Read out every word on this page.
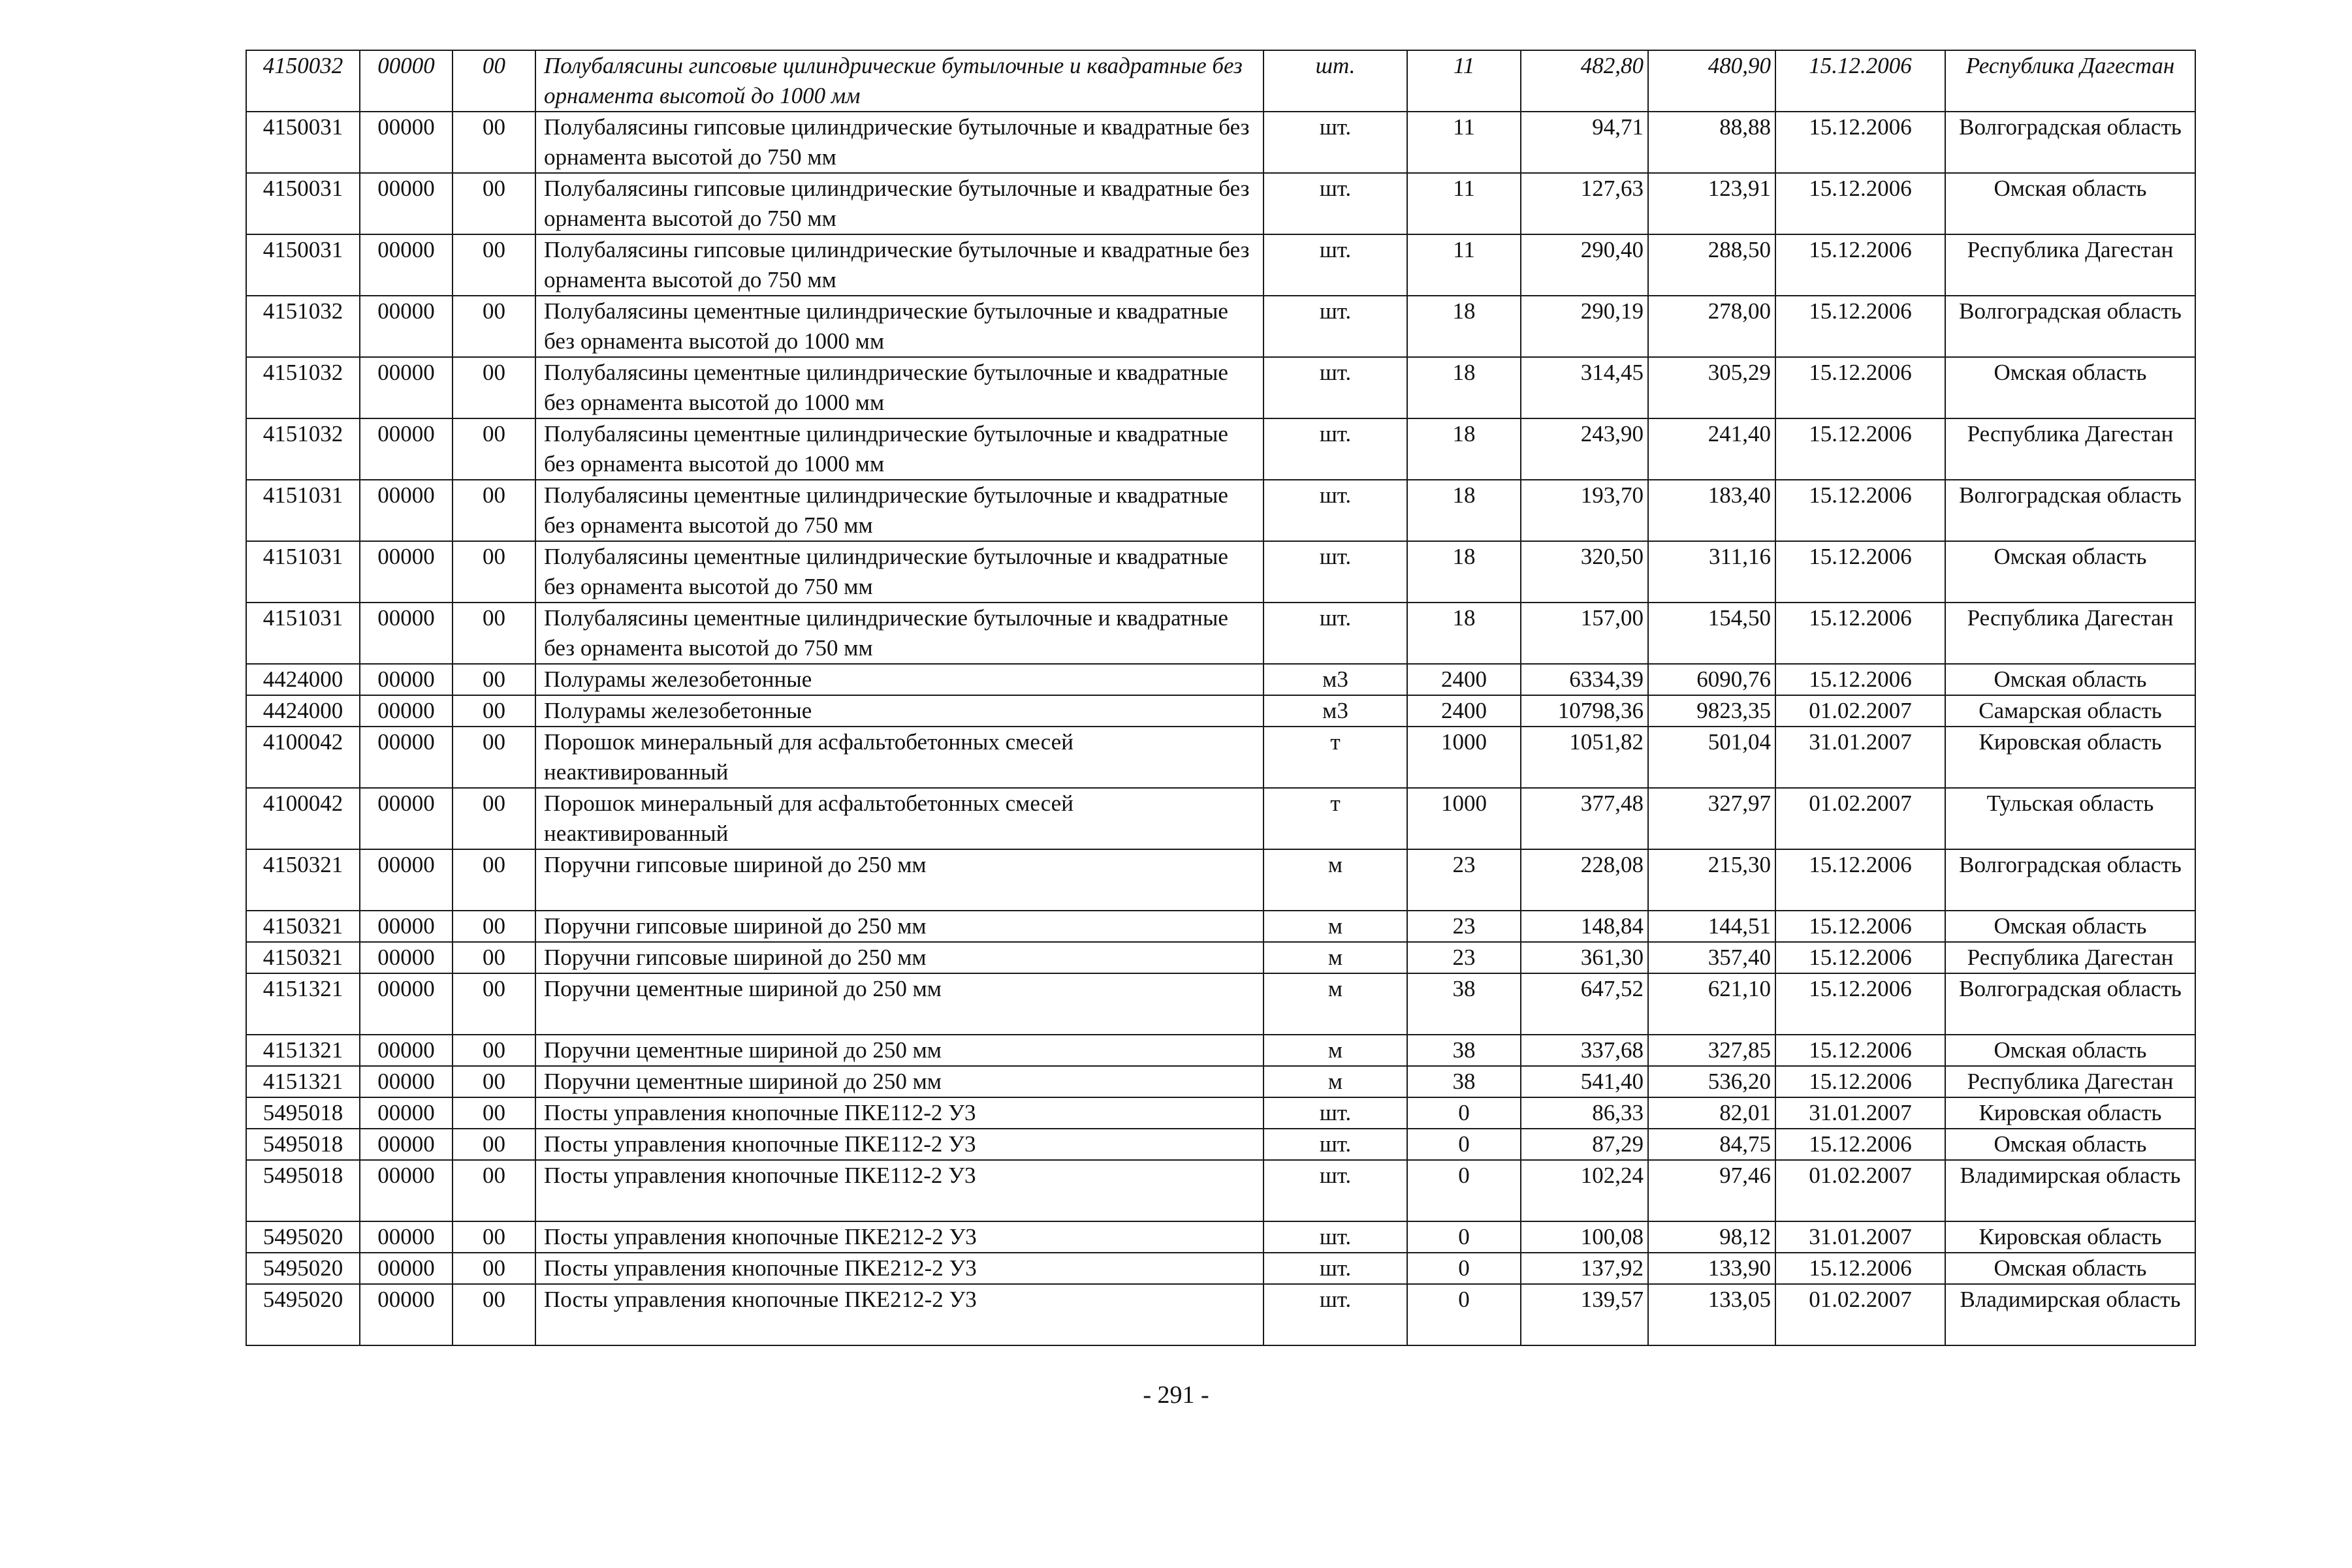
4150032	00000	00	Полубалясины гипсовые цилиндрические бутылочные и квадратные без орнамента высотой до 1000 мм	шт.	11	482,80	480,90	15.12.2006	Республика Дагестан
4150031	00000	00	Полубалясины гипсовые цилиндрические бутылочные и квадратные без орнамента высотой до 750 мм	шт.	11	94,71	88,88	15.12.2006	Волгоградская область
4150031	00000	00	Полубалясины гипсовые цилиндрические бутылочные и квадратные без орнамента высотой до 750 мм	шт.	11	127,63	123,91	15.12.2006	Омская область
4150031	00000	00	Полубалясины гипсовые цилиндрические бутылочные и квадратные без орнамента высотой до 750 мм	шт.	11	290,40	288,50	15.12.2006	Республика Дагестан
4151032	00000	00	Полубалясины цементные цилиндрические бутылочные и квадратные без орнамента высотой до 1000 мм	шт.	18	290,19	278,00	15.12.2006	Волгоградская область
4151032	00000	00	Полубалясины цементные цилиндрические бутылочные и квадратные без орнамента высотой до 1000 мм	шт.	18	314,45	305,29	15.12.2006	Омская область
4151032	00000	00	Полубалясины цементные цилиндрические бутылочные и квадратные без орнамента высотой до 1000 мм	шт.	18	243,90	241,40	15.12.2006	Республика Дагестан
4151031	00000	00	Полубалясины цементные цилиндрические бутылочные и квадратные без орнамента высотой до 750 мм	шт.	18	193,70	183,40	15.12.2006	Волгоградская область
4151031	00000	00	Полубалясины цементные цилиндрические бутылочные и квадратные без орнамента высотой до 750 мм	шт.	18	320,50	311,16	15.12.2006	Омская область
4151031	00000	00	Полубалясины цементные цилиндрические бутылочные и квадратные без орнамента высотой до 750 мм	шт.	18	157,00	154,50	15.12.2006	Республика Дагестан
4424000	00000	00	Полурамы железобетонные	м3	2400	6334,39	6090,76	15.12.2006	Омская область
4424000	00000	00	Полурамы железобетонные	м3	2400	10798,36	9823,35	01.02.2007	Самарская область
4100042	00000	00	Порошок минеральный для асфальтобетонных смесей неактивированный	т	1000	1051,82	501,04	31.01.2007	Кировская область
4100042	00000	00	Порошок минеральный для асфальтобетонных смесей неактивированный	т	1000	377,48	327,97	01.02.2007	Тульская область
4150321	00000	00	Поручни гипсовые шириной до 250 мм	м	23	228,08	215,30	15.12.2006	Волгоградская область
4150321	00000	00	Поручни гипсовые шириной до 250 мм	м	23	148,84	144,51	15.12.2006	Омская область
4150321	00000	00	Поручни гипсовые шириной до 250 мм	м	23	361,30	357,40	15.12.2006	Республика Дагестан
4151321	00000	00	Поручни цементные шириной до 250 мм	м	38	647,52	621,10	15.12.2006	Волгоградская область
4151321	00000	00	Поручни цементные шириной до 250 мм	м	38	337,68	327,85	15.12.2006	Омская область
4151321	00000	00	Поручни цементные шириной до 250 мм	м	38	541,40	536,20	15.12.2006	Республика Дагестан
5495018	00000	00	Посты управления кнопочные ПКЕ112-2 У3	шт.	0	86,33	82,01	31.01.2007	Кировская область
5495018	00000	00	Посты управления кнопочные ПКЕ112-2 У3	шт.	0	87,29	84,75	15.12.2006	Омская область
5495018	00000	00	Посты управления кнопочные ПКЕ112-2 У3	шт.	0	102,24	97,46	01.02.2007	Владимирская область
5495020	00000	00	Посты управления кнопочные ПКЕ212-2 У3	шт.	0	100,08	98,12	31.01.2007	Кировская область
5495020	00000	00	Посты управления кнопочные ПКЕ212-2 У3	шт.	0	137,92	133,90	15.12.2006	Омская область
5495020	00000	00	Посты управления кнопочные ПКЕ212-2 У3	шт.	0	139,57	133,05	01.02.2007	Владимирская область
- 291 -
